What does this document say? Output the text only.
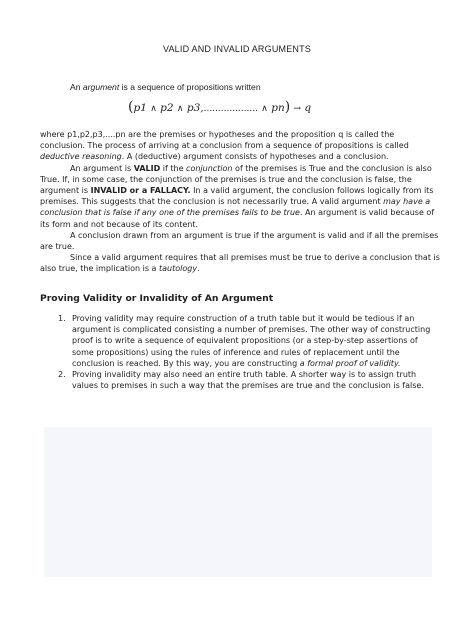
VALID AND INVALID ARGUMENTS
An argument is a sequence of propositions written
(p1 ∧ p2 ∧ p3,................... ∧ pn) → q

where p1,p2,p3,....pn are the premises or hypotheses and the proposition q is called the conclusion. The process of arriving at a conclusion from a sequence of propositions is called deductive reasoning. A (deductive) argument consists of hypotheses and a conclusion.

An argument is VALID if the conjunction of the premises is True and the conclusion is also True. If, in some case, the conjunction of the premises is true and the conclusion is false, the argument is INVALID or a FALLACY. In a valid argument, the conclusion follows logically from its premises. This suggests that the conclusion is not necessarily true. A valid argument may have a conclusion that is false if any one of the premises fails to be true. An argument is valid because of its form and not because of its content.

A conclusion drawn from an argument is true if the argument is valid and if all the premises are true.

Since a valid argument requires that all premises must be true to derive a conclusion that is also true, the implication is a tautology.

Proving Validity or Invalidity of An Argument
1. Proving validity may require construction of a truth table but it would be tedious if an argument is complicated consisting a number of premises. The other way of constructing proof is to write a sequence of equivalent propositions (or a step-by-step assertions of some propositions) using the rules of inference and rules of replacement until the conclusion is reached. By this way, you are constructing a formal proof of validity.
2. Proving invalidity may also need an entire truth table. A shorter way is to assign truth values to premises in such a way that the premises are true and the conclusion is false.
